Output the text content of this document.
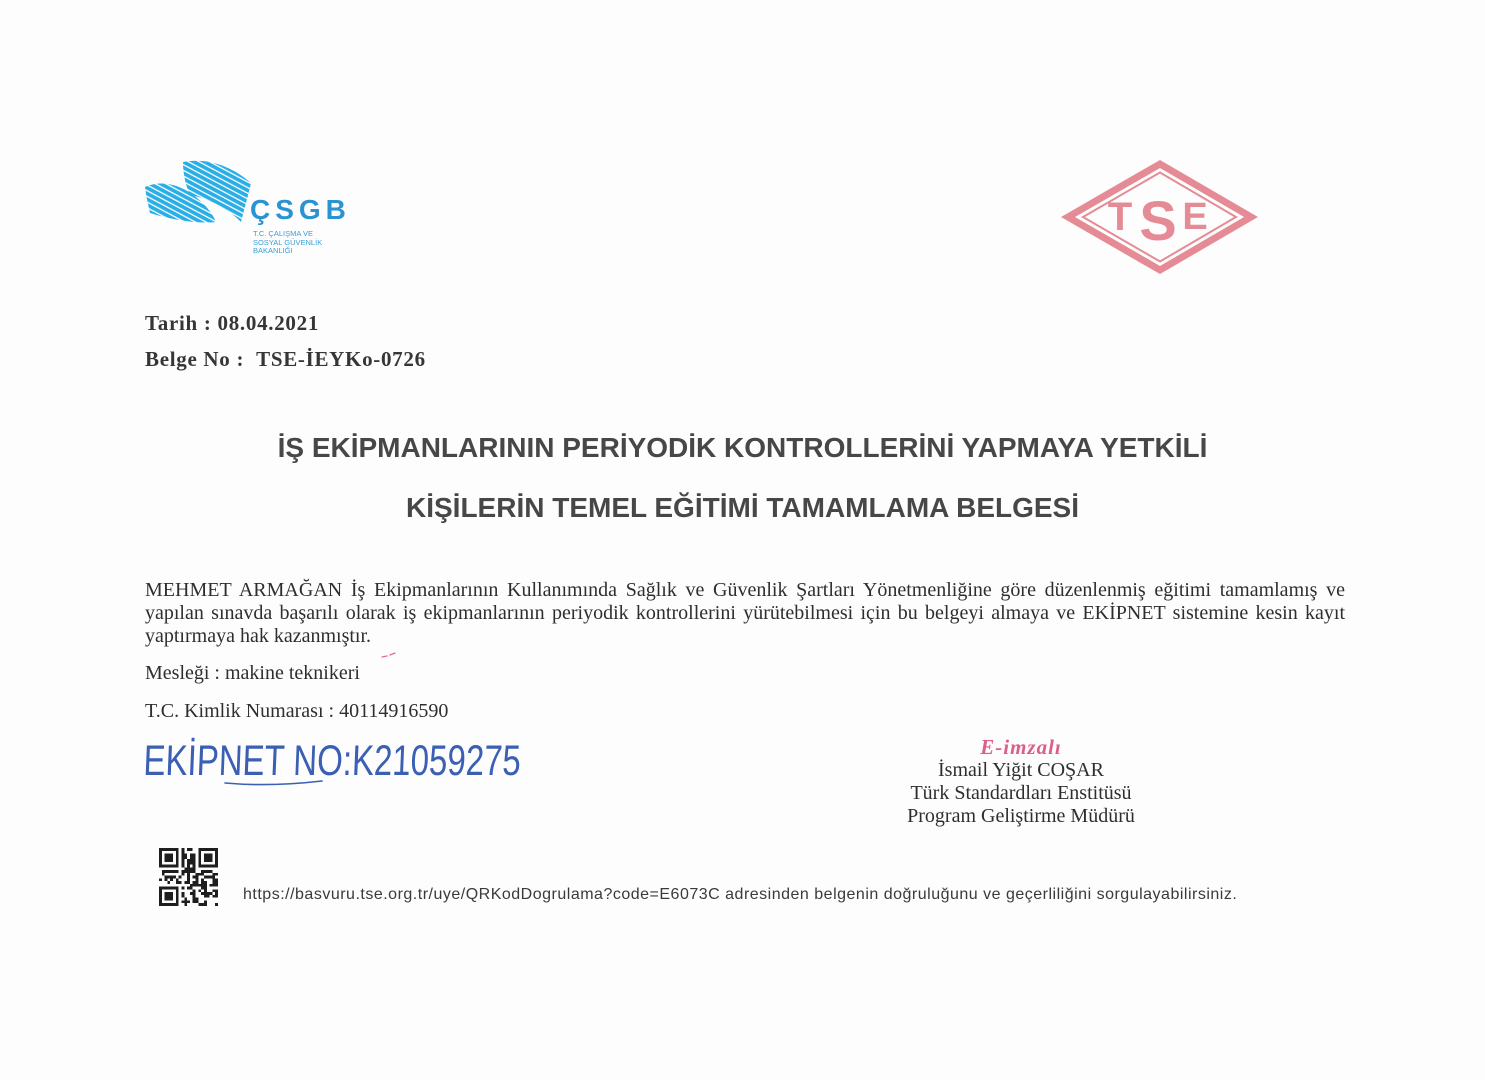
ÇSGB
T.C. ÇALIŞMA VE
SOSYAL GÜVENLİK
BAKANLIĞI
T S E
Tarih : 08.04.2021
Belge No : TSE-İEYKo-0726
İŞ EKİPMANLARININ PERİYODİK KONTROLLERİNİ YAPMAYA YETKİLİ
KİŞİLERİN TEMEL EĞİTİMİ TAMAMLAMA BELGESİ
MEHMET ARMAĞAN İş Ekipmanlarının Kullanımında Sağlık ve Güvenlik Şartları Yönetmenliğine göre düzenlenmiş eğitimi tamamlamış ve yapılan sınavda başarılı olarak iş ekipmanlarının periyodik kontrollerini yürütebilmesi için bu belgeyi almaya ve EKİPNET sistemine kesin kayıt yaptırmaya hak kazanmıştır.
Mesleği : makine teknikeri
T.C. Kimlik Numarası : 40114916590
EKİPNET NO:K21059275	E-imzalı
İsmail Yiğit COŞAR
Türk Standardları Enstitüsü
Program Geliştirme Müdürü
https://basvuru.tse.org.tr/uye/QRKodDogrulama?code=E6073C adresinden belgenin doğruluğunu ve geçerliliğini sorgulayabilirsiniz.
